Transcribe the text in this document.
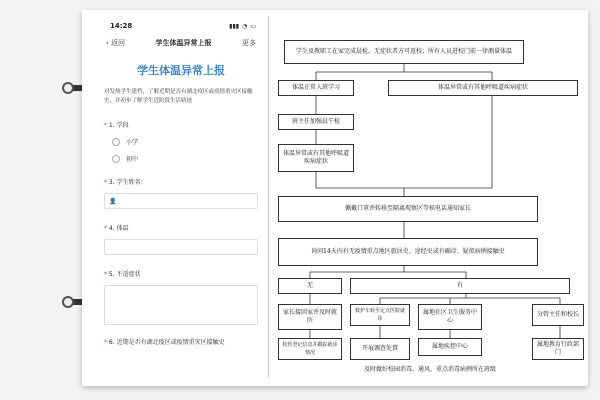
14:28	▮▮▮ ◔ ▭
‹ 返回	学生体温异常上报	更多
学生体温异常上报
对发热学生建档，了解近期是否有湖北疫区或疫情重灾区接触史，并初步了解学生近阶段生活轨迹
* 1. 学段
小学
初中
* 3. 学生姓名：
👤
* 4. 体温
* 5. 不适症状
* 6. 近期是否有湖北疫区或疫情重灾区接触史
学生及教职工在家完成晨检，无症状者方可返校；所有人员进校门前一律测量体温
体温正常入班学习	体温异常或有其他呼吸道疾病症状
班主任加强晨午检
体温异常或有其他呼吸道疾病症状
佩戴口罩并转移至隔离观察区等候电话通知家长
询问14天内有无疫情重点地区旅居史、途经史或有确诊、疑似病例接触史
无	有
家长接回家并及时就医
救护车转至定点医院就诊
属地社区卫生服务中心
分管主任和校长
校医登记信息并跟踪就诊情况
开展调查处置	属地疾控中心	属地教育行政部门
及时做好校园消毒、通风，重点消毒病例所在班级
